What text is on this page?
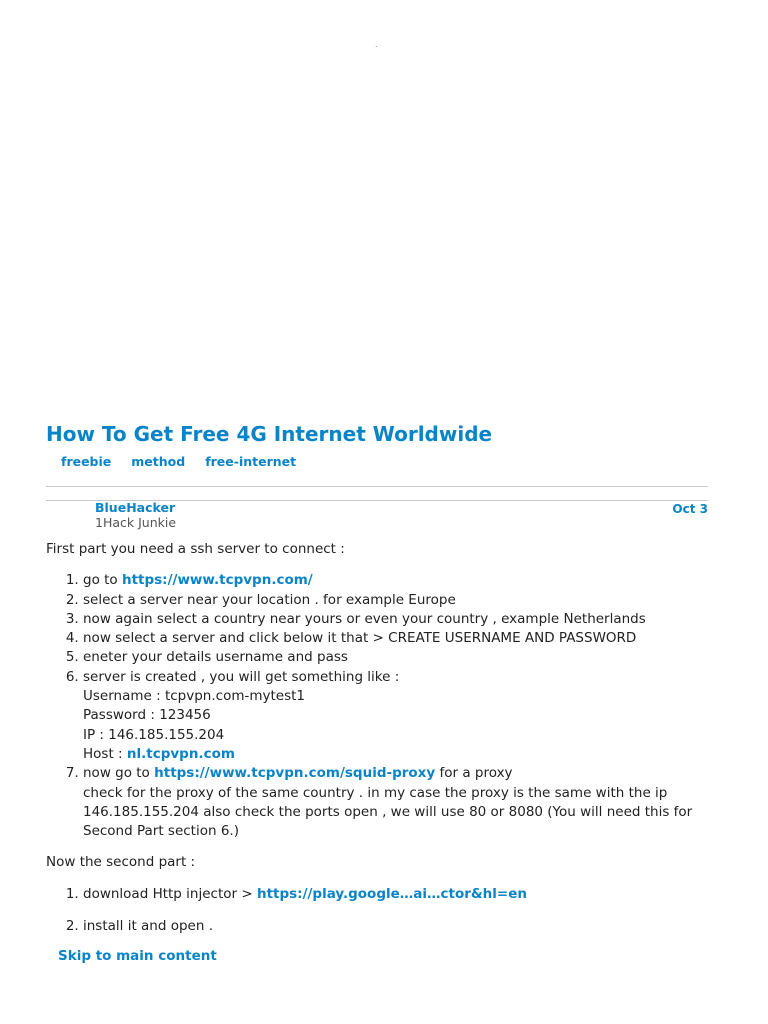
.
How To Get Free 4G Internet Worldwide
freebie method free-internet
BlueHacker
1Hack Junkie
Oct 3

First part you need a ssh server to connect :

1. go to https://www.tcpvpn.com/
2. select a server near your location . for example Europe
3. now again select a country near yours or even your country , example Netherlands
4. now select a server and click below it that > CREATE USERNAME AND PASSWORD
5. eneter your details username and pass
6. server is created , you will get something like :
Username : tcpvpn.com-mytest1
Password : 123456
IP : 146.185.155.204
Host : nl.tcpvpn.com
7. now go to https://www.tcpvpn.com/squid-proxy for a proxy
check for the proxy of the same country . in my case the proxy is the same with the ip 146.185.155.204 also check the ports open , we will use 80 or 8080 (You will need this for Second Part section 6.)

Now the second part :

1. download Http injector > https://play.google…ai…ctor&hl=en
2. install it and open .
Skip to main content
